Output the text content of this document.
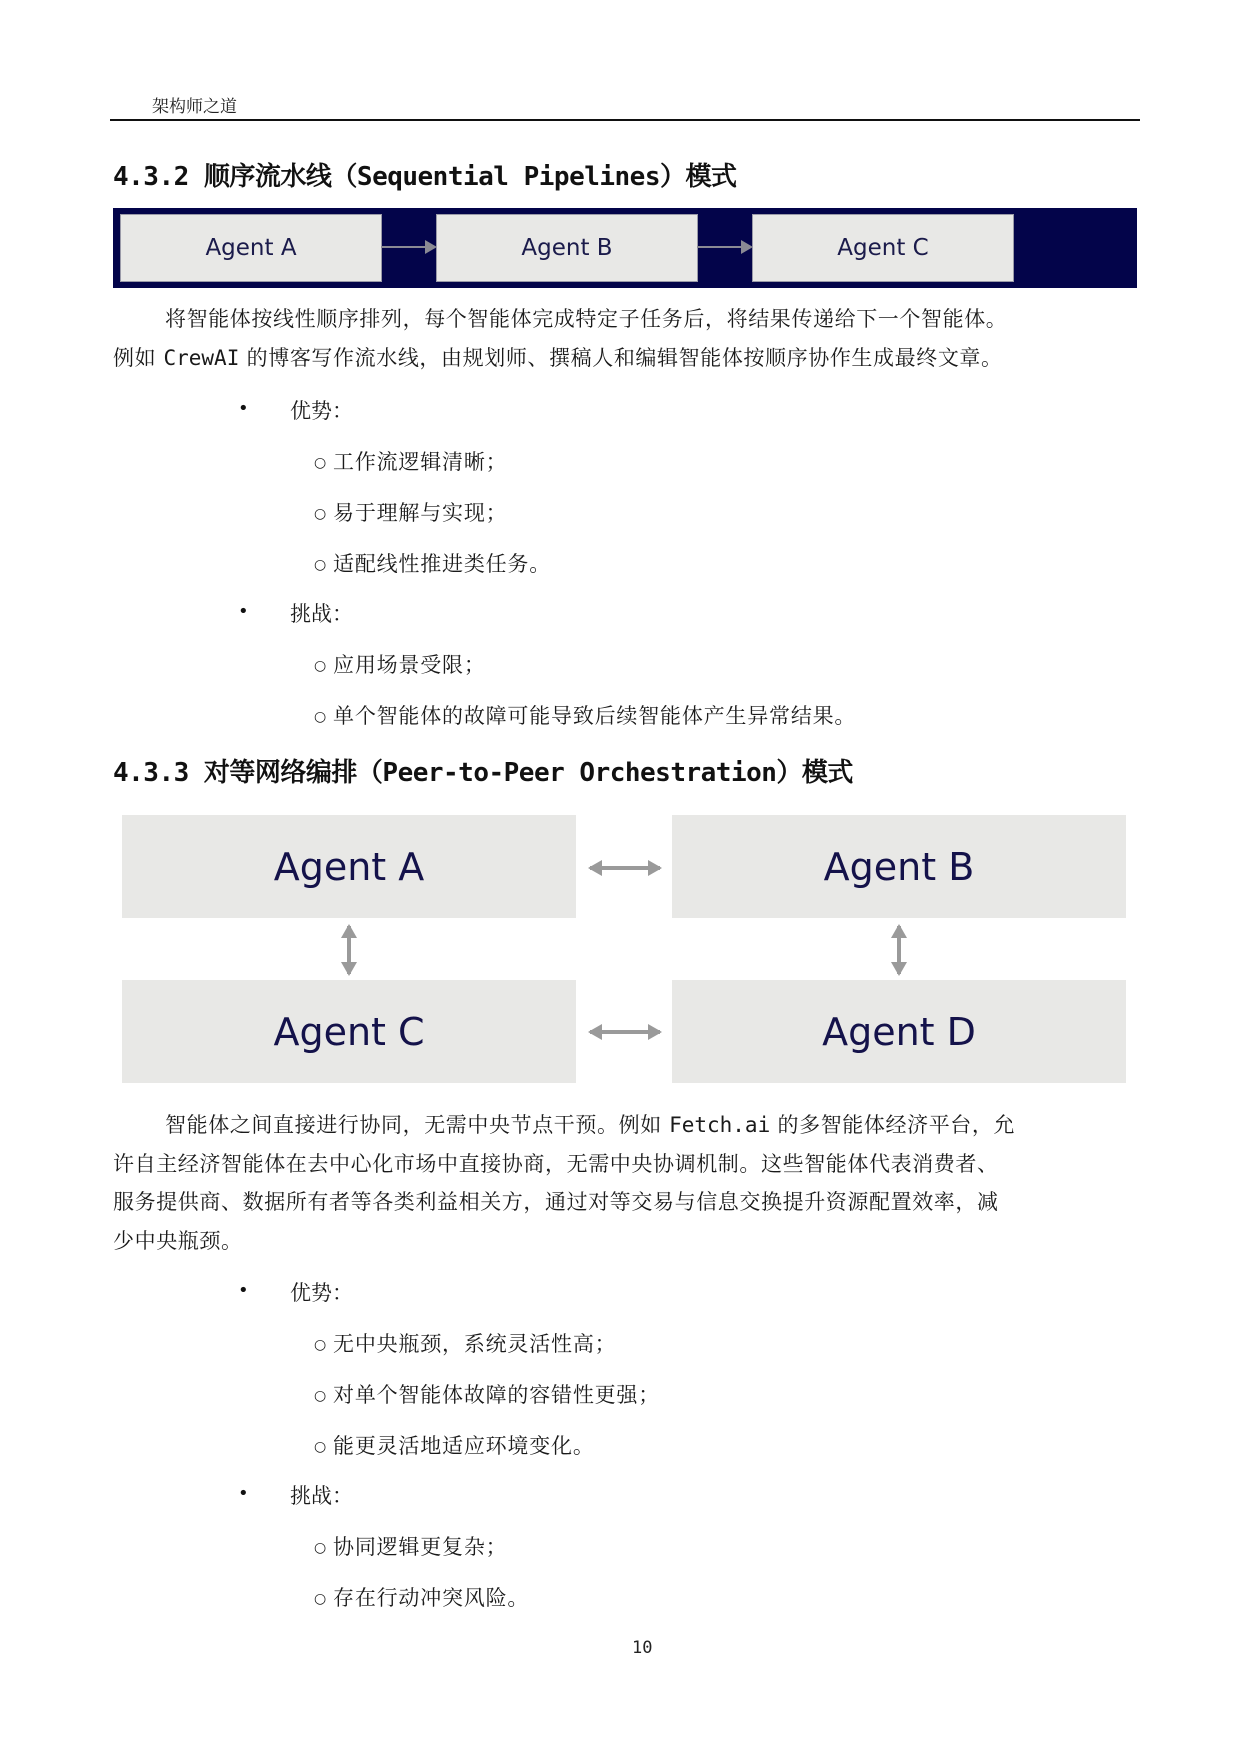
架构师之道
4.3.2 顺序流水线（Sequential Pipelines）模式
Agent A	Agent B	Agent C
将智能体按线性顺序排列，每个智能体完成特定子任务后，将结果传递给下一个智能体。
例如 CrewAI 的博客写作流水线，由规划师、撰稿人和编辑智能体按顺序协作生成最终文章。
• 优势：
○ 工作流逻辑清晰；
○ 易于理解与实现；
○ 适配线性推进类任务。
• 挑战：
○ 应用场景受限；
○ 单个智能体的故障可能导致后续智能体产生异常结果。
4.3.3 对等网络编排（Peer-to-Peer Orchestration）模式
Agent A	Agent B
Agent C	Agent D
智能体之间直接进行协同，无需中央节点干预。例如 Fetch.ai 的多智能体经济平台，允
许自主经济智能体在去中心化市场中直接协商，无需中央协调机制。这些智能体代表消费者、
服务提供商、数据所有者等各类利益相关方，通过对等交易与信息交换提升资源配置效率，减
少中央瓶颈。
• 优势：
○ 无中央瓶颈，系统灵活性高；
○ 对单个智能体故障的容错性更强；
○ 能更灵活地适应环境变化。
• 挑战：
○ 协同逻辑更复杂；
○ 存在行动冲突风险。
10
